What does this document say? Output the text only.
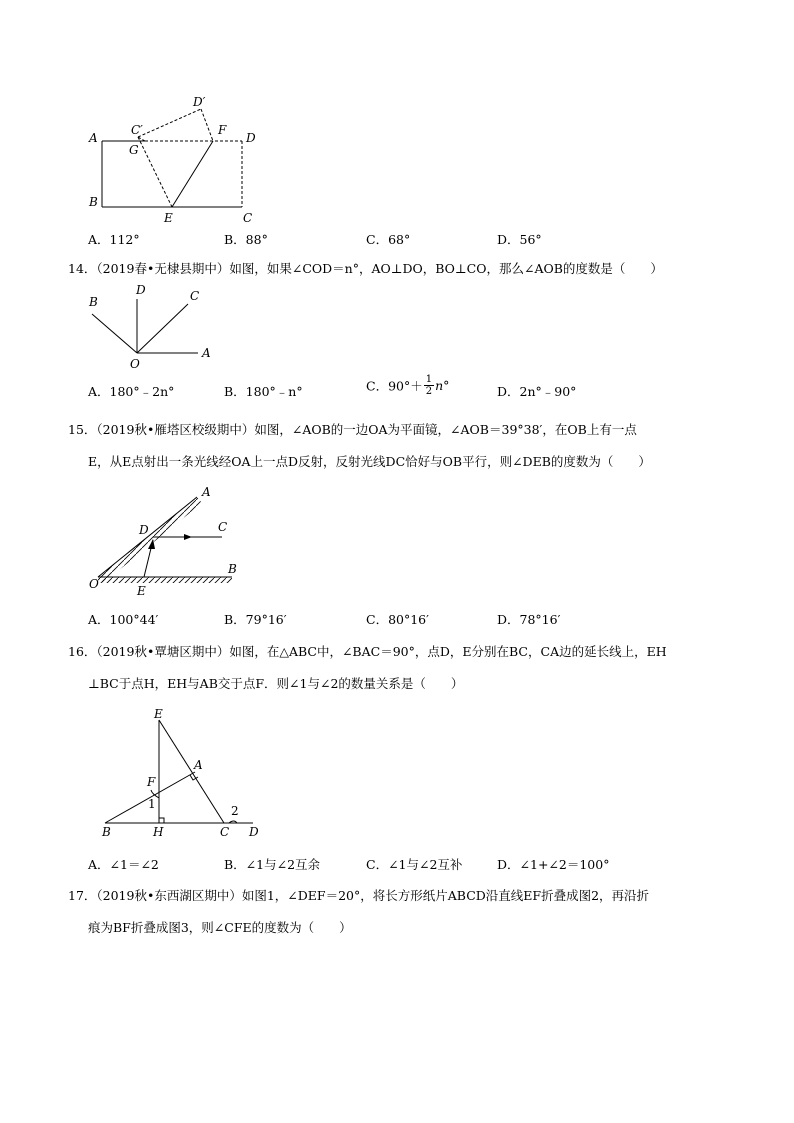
D′
C′
A
F
D
G
B
E	C
A．112°	B．88°	C．68°	D．56°
14．（2019春•无棣县期中）如图，如果∠COD＝n°，AO⊥DO，BO⊥CO，那么∠AOB的度数是（　　）
B
D	C
O
A
A．180°﹣2n°	B．180°﹣n°	C．$90^\circ+ \frac{1}{2} n^\circ$	D．2n°﹣90°
15．（2019秋•雁塔区校级期中）如图，∠AOB的一边OA为平面镜，∠AOB＝39°38′，在OB上有一点
E，从E点射出一条光线经OA上一点D反射，反射光线DC恰好与OB平行，则∠DEB的度数为（　　）
A
D	C
O	E
B
A．100°44′	B．79°16′	C．80°16′	D．78°16′
16．（2019秋•覃塘区期中）如图，在△ABC中，∠BAC＝90°，点D，E分别在BC，CA边的延长线上，EH
⊥BC于点H，EH与AB交于点F．则∠1与∠2的数量关系是（　　）
E
A
F
1	2
B	H	C D
A．∠1＝∠2	B．∠1与∠2互余	C．∠1与∠2互补	D．∠1+∠2＝100°
17．（2019秋•东西湖区期中）如图1，∠DEF＝20°，将长方形纸片ABCD沿直线EF折叠成图2，再沿折
痕为BF折叠成图3，则∠CFE的度数为（　　）
